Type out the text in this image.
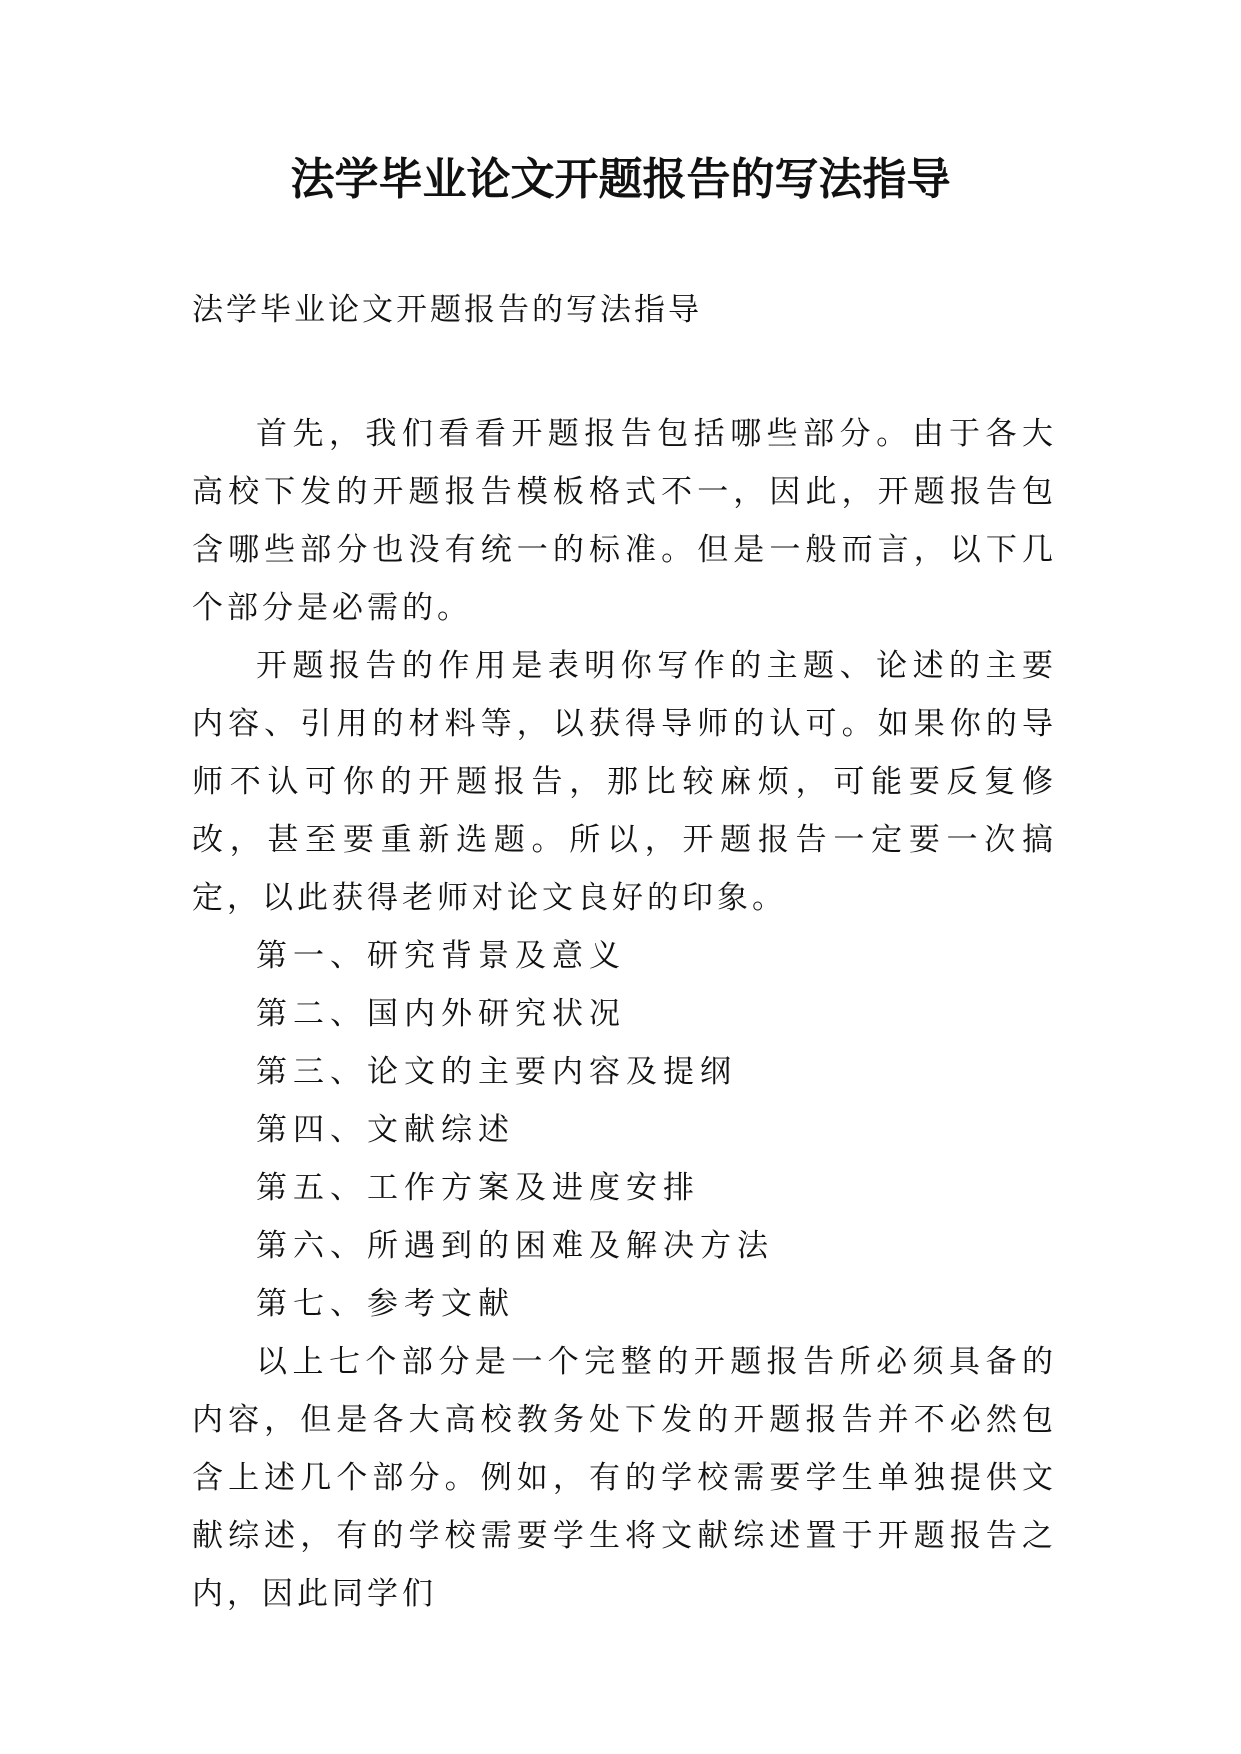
法学毕业论文开题报告的写法指导

法学毕业论文开题报告的写法指导

首先，我们看看开题报告包括哪些部分。由于各大高校下发的开题报告模板格式不一，因此，开题报告包含哪些部分也没有统一的标准。但是一般而言，以下几个部分是必需的。

开题报告的作用是表明你写作的主题、论述的主要内容、引用的材料等，以获得导师的认可。如果你的导师不认可你的开题报告，那比较麻烦，可能要反复修改，甚至要重新选题。所以，开题报告一定要一次搞定，以此获得老师对论文良好的印象。

第一、研究背景及意义

第二、国内外研究状况

第三、论文的主要内容及提纲

第四、文献综述

第五、工作方案及进度安排

第六、所遇到的困难及解决方法

第七、参考文献

以上七个部分是一个完整的开题报告所必须具备的内容，但是各大高校教务处下发的开题报告并不必然包含上述几个部分。例如，有的学校需要学生单独提供文献综述，有的学校需要学生将文献综述置于开题报告之内，因此同学们
